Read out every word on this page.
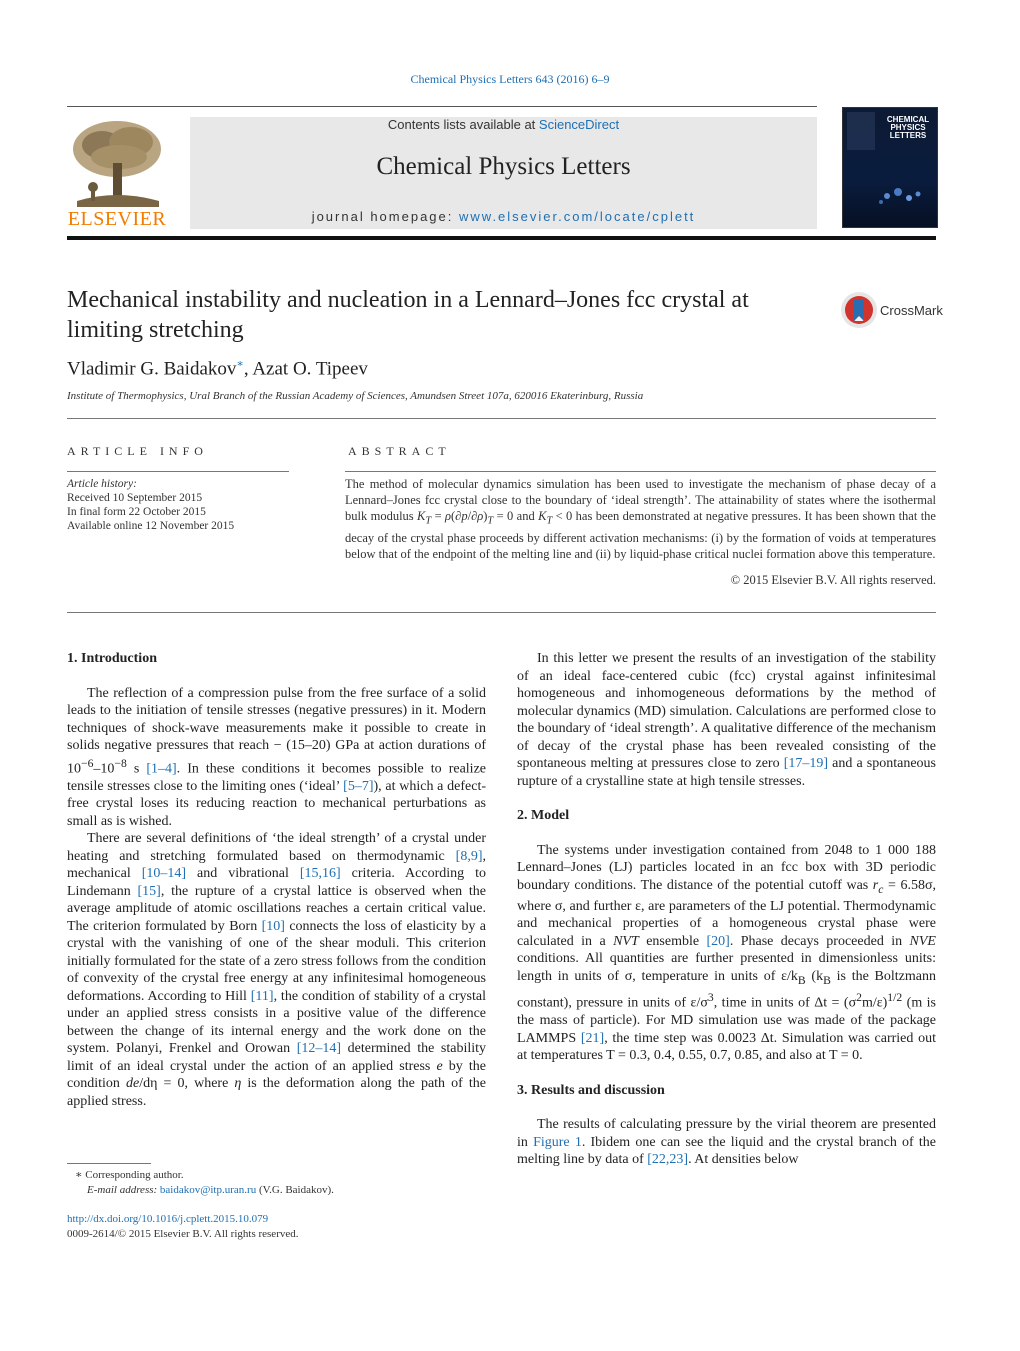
Chemical Physics Letters 643 (2016) 6–9
ELSEVIER
Contents lists available at ScienceDirect
Chemical Physics Letters
journal homepage: www.elsevier.com/locate/cplett
CHEMICAL PHYSICS LETTERS
Mechanical instability and nucleation in a Lennard–Jones fcc crystal at limiting stretching
CrossMark
Vladimir G. Baidakov∗, Azat O. Tipeev
Institute of Thermophysics, Ural Branch of the Russian Academy of Sciences, Amundsen Street 107a, 620016 Ekaterinburg, Russia
ARTICLE INFO
Article history:
Received 10 September 2015
In final form 22 October 2015
Available online 12 November 2015
ABSTRACT
The method of molecular dynamics simulation has been used to investigate the mechanism of phase decay of a Lennard–Jones fcc crystal close to the boundary of ‘ideal strength’. The attainability of states where the isothermal bulk modulus $K_T = \rho(\partial p/\partial\rho)_T = 0$ and $K_T < 0$ has been demonstrated at negative pressures. It has been shown that the decay of the crystal phase proceeds by different activation mechanisms: (i) by the formation of voids at temperatures below that of the endpoint of the melting line and (ii) by liquid-phase critical nuclei formation above this temperature.
© 2015 Elsevier B.V. All rights reserved.
1. Introduction

The reflection of a compression pulse from the free surface of a solid leads to the initiation of tensile stresses (negative pressures) in it. Modern techniques of shock-wave measurements make it possible to create in solids negative pressures that reach − (15–20) GPa at action durations of $10^{-6}-10^{-8}$ s [1–4]. In these conditions it becomes possible to realize tensile stresses close to the limiting ones (‘ideal’ [5–7]), at which a defect-free crystal loses its reducing reaction to mechanical perturbations as small as is wished.

There are several definitions of ‘the ideal strength’ of a crystal under heating and stretching formulated based on thermodynamic [8,9], mechanical [10–14] and vibrational [15,16] criteria. According to Lindemann [15], the rupture of a crystal lattice is observed when the average amplitude of atomic oscillations reaches a certain critical value. The criterion formulated by Born [10] connects the loss of elasticity by a crystal with the vanishing of one of the shear moduli. This criterion initially formulated for the state of a zero stress follows from the condition of convexity of the crystal free energy at any infinitesimal homogeneous deformations. According to Hill [11], the condition of stability of a crystal under an applied stress consists in a positive value of the difference between the change of its internal energy and the work done on the system. Polanyi, Frenkel and Orowan [12–14] determined the stability limit of an ideal crystal under the action of an applied stress e by the condition de/dη = 0, where η is the deformation along the path of the applied stress.

In this letter we present the results of an investigation of the stability of an ideal face-centered cubic (fcc) crystal against infinitesimal homogeneous and inhomogeneous deformations by the method of molecular dynamics (MD) simulation. Calculations are performed close to the boundary of ‘ideal strength’. A qualitative difference of the mechanism of decay of the crystal phase has been revealed consisting of the spontaneous melting at pressures close to zero [17–19] and a spontaneous rupture of a crystalline state at high tensile stresses.

2. Model

The systems under investigation contained from 2048 to 1 000 188 Lennard–Jones (LJ) particles located in an fcc box with 3D periodic boundary conditions. The distance of the potential cutoff was $r_c = 6.58\sigma$, where σ, and further ε, are parameters of the LJ potential. Thermodynamic and mechanical properties of a homogeneous crystal phase were calculated in a NVT ensemble [20]. Phase decays proceeded in NVE conditions. All quantities are further presented in dimensionless units: length in units of σ, temperature in units of $\varepsilon/k_B$ ($k_B$ is the Boltzmann constant), pressure in units of $\varepsilon/\sigma^3$, time in units of $\Delta t = (\sigma^2m/\varepsilon)^{1/2}$ (m is the mass of particle). For MD simulation use was made of the package LAMMPS [21], the time step was 0.0023 Δt. Simulation was carried out at temperatures T = 0.3, 0.4, 0.55, 0.7, 0.85, and also at T = 0.

3. Results and discussion

The results of calculating pressure by the virial theorem are presented in Figure 1. Ibidem one can see the liquid and the crystal branch of the melting line by data of [22,23]. At densities below

∗ Corresponding author.
E-mail address: baidakov@itp.uran.ru (V.G. Baidakov).
http://dx.doi.org/10.1016/j.cplett.2015.10.079
0009-2614/© 2015 Elsevier B.V. All rights reserved.
